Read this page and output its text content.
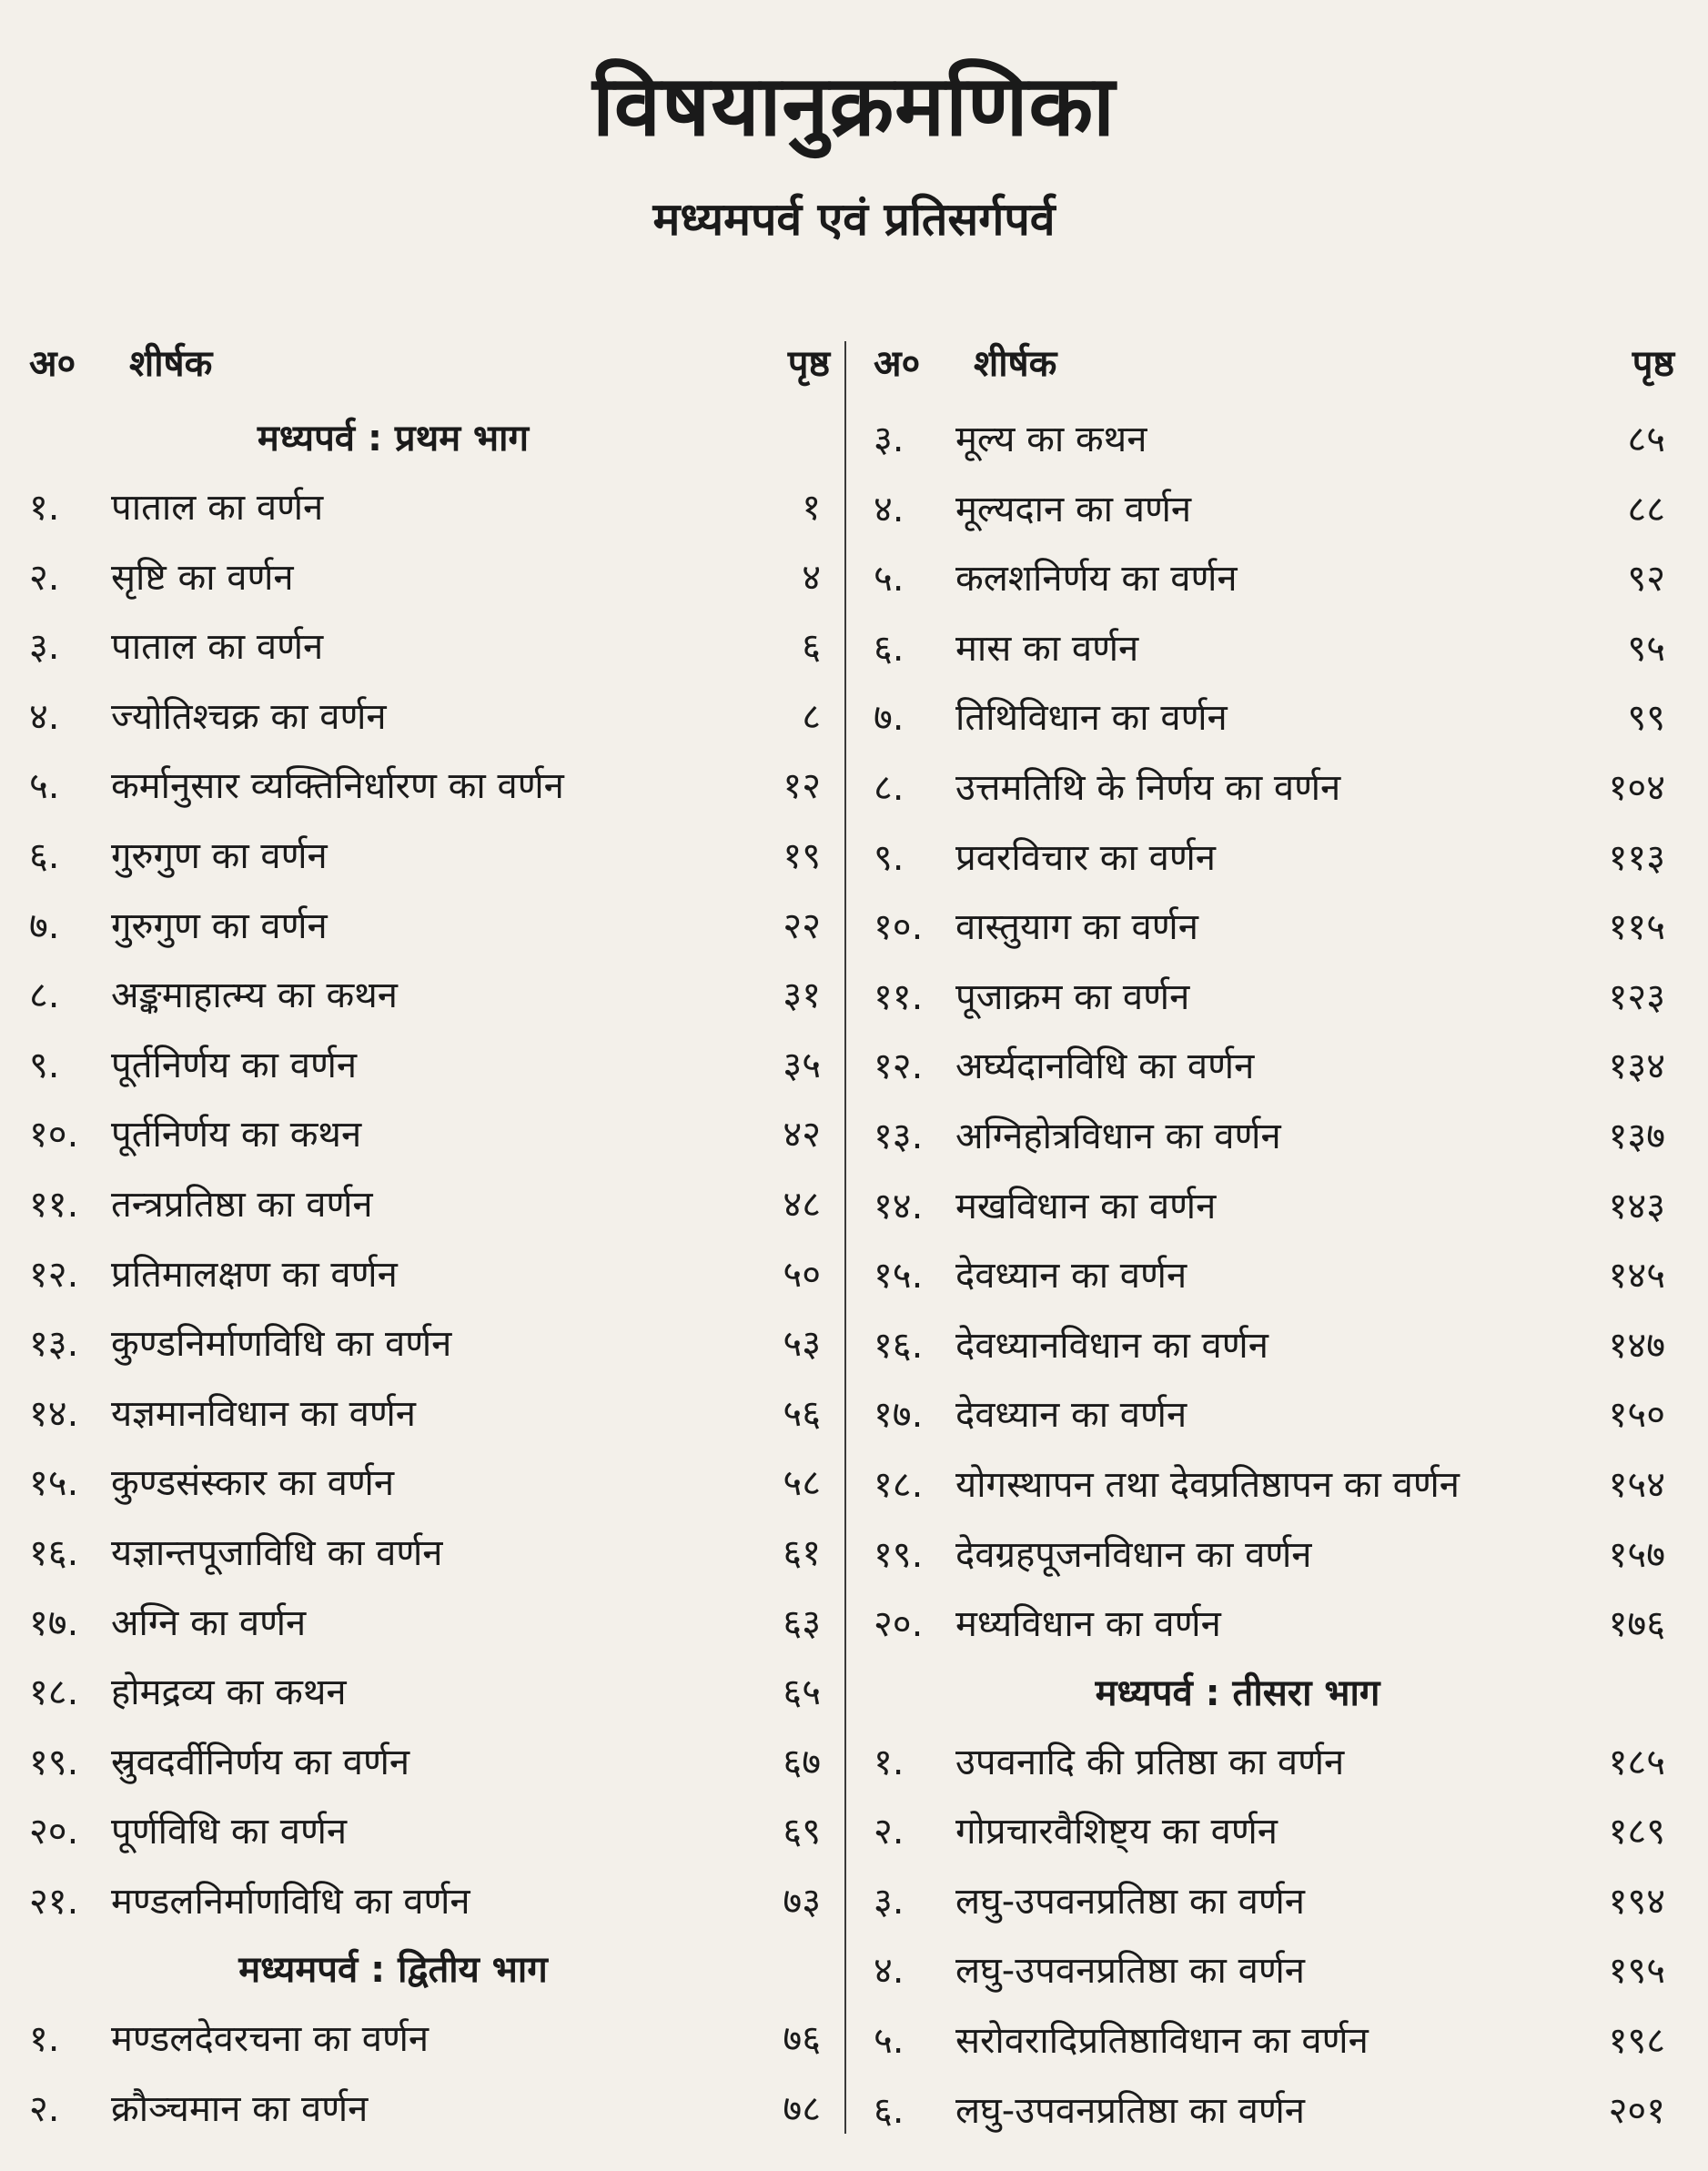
विषयानुक्रमणिका
मध्यमपर्व एवं प्रतिसर्गपर्व
अ० शीर्षक	पृष्ठ
मध्यपर्व : प्रथम भाग
१. पाताल का वर्णन	१
२. सृष्टि का वर्णन	४
३. पाताल का वर्णन	६
४. ज्योतिश्चक्र का वर्णन	८
५. कर्मानुसार व्यक्तिनिर्धारण का वर्णन	१२
६. गुरुगुण का वर्णन	१९
७. गुरुगुण का वर्णन	२२
८. अङ्कमाहात्म्य का कथन	३१
९. पूर्तनिर्णय का वर्णन	३५
१०. पूर्तनिर्णय का कथन	४२
११. तन्त्रप्रतिष्ठा का वर्णन	४८
१२. प्रतिमालक्षण का वर्णन	५०
१३. कुण्डनिर्माणविधि का वर्णन	५३
१४. यज्ञमानविधान का वर्णन	५६
१५. कुण्डसंस्कार का वर्णन	५८
१६. यज्ञान्तपूजाविधि का वर्णन	६१
१७. अग्नि का वर्णन	६३
१८. होमद्रव्य का कथन	६५
१९. स्रुवदर्वीनिर्णय का वर्णन	६७
२०. पूर्णविधि का वर्णन	६९
२१. मण्डलनिर्माणविधि का वर्णन	७३
मध्यमपर्व : द्वितीय भाग
१. मण्डलदेवरचना का वर्णन	७६
२. क्रौञ्चमान का वर्णन	७८
अ० शीर्षक	पृष्ठ
३. मूल्य का कथन	८५
४. मूल्यदान का वर्णन	८८
५. कलशनिर्णय का वर्णन	९२
६. मास का वर्णन	९५
७. तिथिविधान का वर्णन	९९
८. उत्तमतिथि के निर्णय का वर्णन	१०४
९. प्रवरविचार का वर्णन	११३
१०. वास्तुयाग का वर्णन	११५
११. पूजाक्रम का वर्णन	१२३
१२. अर्घ्यदानविधि का वर्णन	१३४
१३. अग्निहोत्रविधान का वर्णन	१३७
१४. मखविधान का वर्णन	१४३
१५. देवध्यान का वर्णन	१४५
१६. देवध्यानविधान का वर्णन	१४७
१७. देवध्यान का वर्णन	१५०
१८. योगस्थापन तथा देवप्रतिष्ठापन का वर्णन	१५४
१९. देवग्रहपूजनविधान का वर्णन	१५७
२०. मध्यविधान का वर्णन	१७६
मध्यपर्व : तीसरा भाग
१. उपवनादि की प्रतिष्ठा का वर्णन	१८५
२. गोप्रचारवैशिष्ट्य का वर्णन	१८९
३. लघु-उपवनप्रतिष्ठा का वर्णन	१९४
४. लघु-उपवनप्रतिष्ठा का वर्णन	१९५
५. सरोवरादिप्रतिष्ठाविधान का वर्णन	१९८
६. लघु-उपवनप्रतिष्ठा का वर्णन	२०१
